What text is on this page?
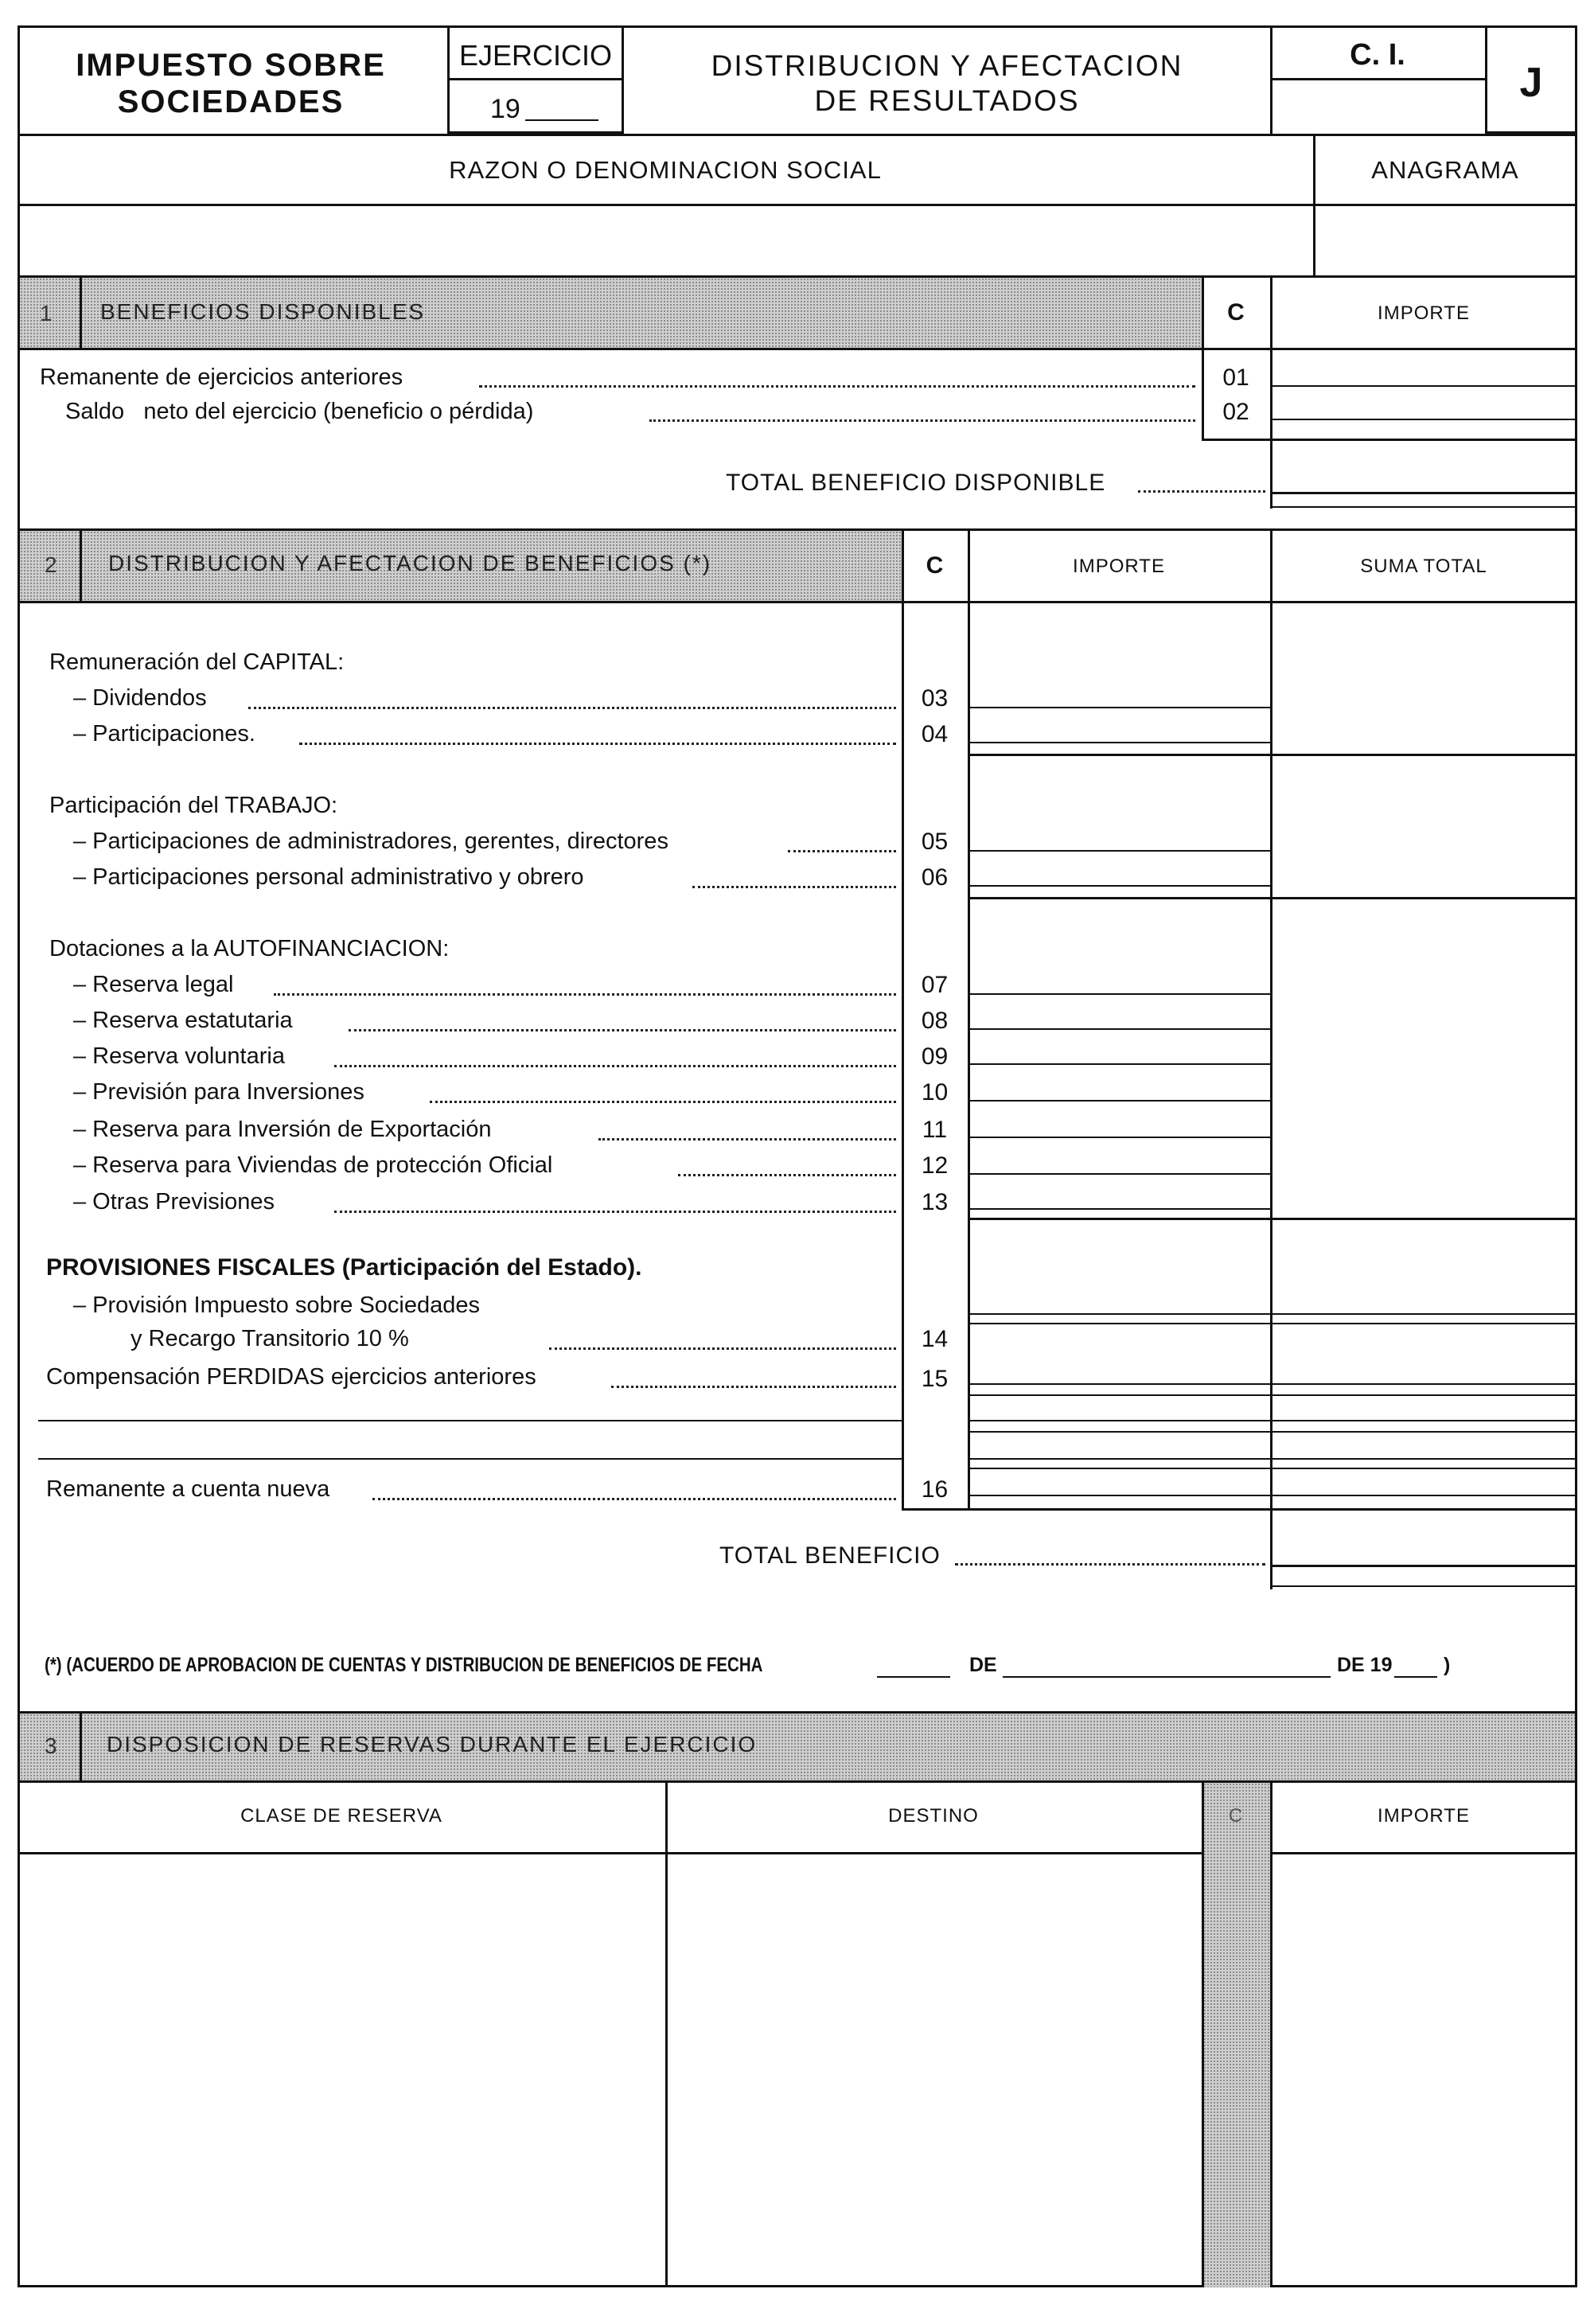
IMPUESTO SOBRE
SOCIEDADES
EJERCICIO
19
DISTRIBUCION Y AFECTACION
DE RESULTADOS
C. I.
J
RAZON O DENOMINACION SOCIAL	ANAGRAMA
1 BENEFICIOS DISPONIBLES	C	IMPORTE
Remanente de ejercicios anteriores	01
Saldo   neto del ejercicio (beneficio o pérdida)	02
TOTAL BENEFICIO DISPONIBLE
2 DISTRIBUCION Y AFECTACION DE BENEFICIOS (*)	C	IMPORTE	SUMA TOTAL
Remuneración del CAPITAL:
– Dividendos	03
– Participaciones.	04
Participación del TRABAJO:
– Participaciones de administradores, gerentes, directores	05
– Participaciones personal administrativo y obrero	06
Dotaciones a la AUTOFINANCIACION:
– Reserva legal	07
– Reserva estatutaria	08
– Reserva voluntaria	09
– Previsión para Inversiones	10
– Reserva para Inversión de Exportación	11
– Reserva para Viviendas de protección Oficial	12
– Otras Previsiones	13
PROVISIONES FISCALES (Participación del Estado).
– Provisión Impuesto sobre Sociedades
y Recargo Transitorio 10 %	14
Compensación PERDIDAS ejercicios anteriores	15
Remanente a cuenta nueva	16
TOTAL BENEFICIO
(*) (ACUERDO DE APROBACION DE CUENTAS Y DISTRIBUCION DE BENEFICIOS DE FECHA	DE	DE 19	)
3 DISPOSICION DE RESERVAS DURANTE EL EJERCICIO
CLASE DE RESERVA	DESTINO	C	IMPORTE
